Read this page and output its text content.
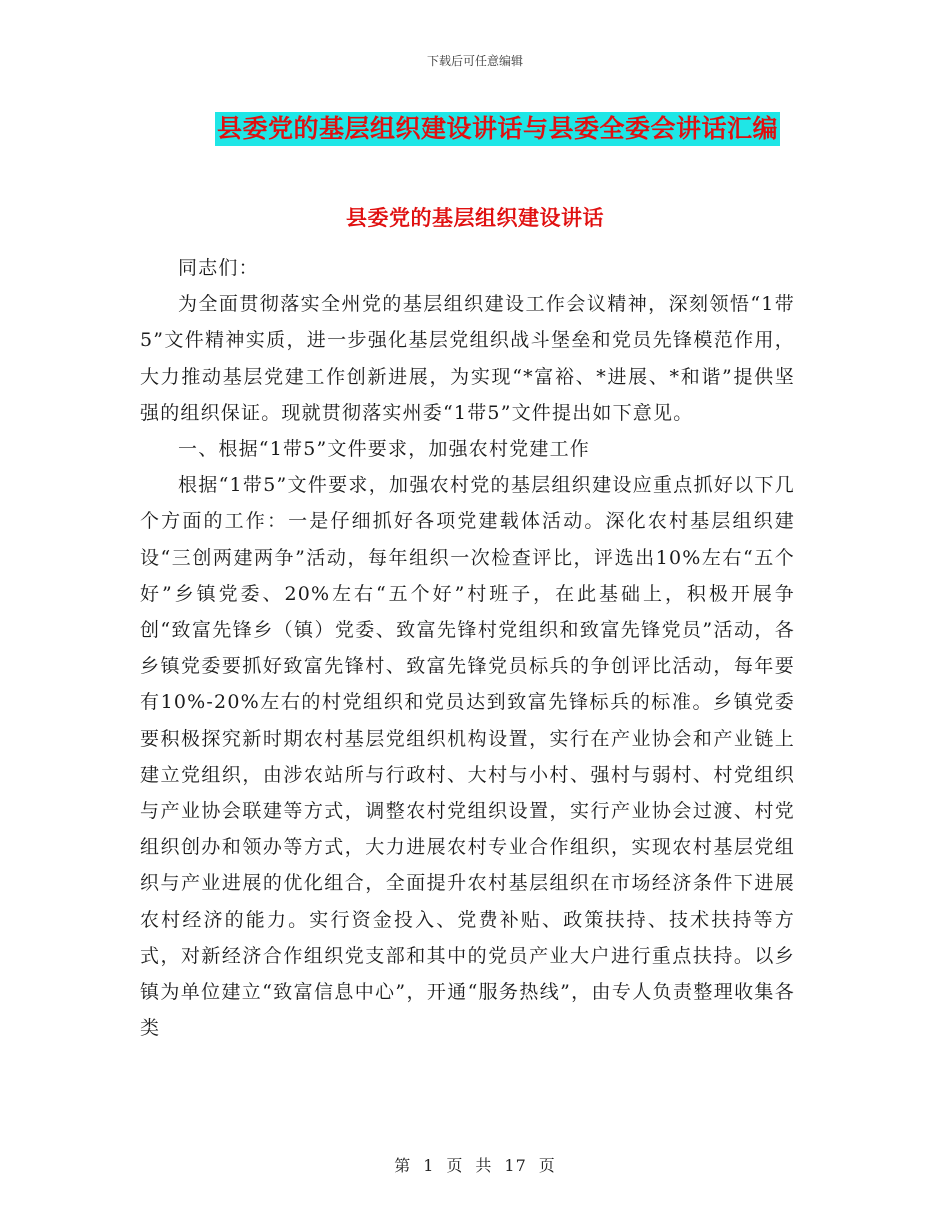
下载后可任意编辑
县委党的基层组织建设讲话与县委全委会讲话汇编
县委党的基层组织建设讲话

同志们：

为全面贯彻落实全州党的基层组织建设工作会议精神，深刻领悟“1带5”文件精神实质，进一步强化基层党组织战斗堡垒和党员先锋模范作用，大力推动基层党建工作创新进展，为实现“*富裕、*进展、*和谐”提供坚强的组织保证。现就贯彻落实州委“1带5”文件提出如下意见。

一、根据“1带5”文件要求，加强农村党建工作

根据“1带5”文件要求，加强农村党的基层组织建设应重点抓好以下几个方面的工作：一是仔细抓好各项党建载体活动。深化农村基层组织建设“三创两建两争”活动，每年组织一次检查评比，评选出10%左右“五个好”乡镇党委、20%左右“五个好”村班子，在此基础上，积极开展争创“致富先锋乡（镇）党委、致富先锋村党组织和致富先锋党员”活动，各乡镇党委要抓好致富先锋村、致富先锋党员标兵的争创评比活动，每年要有10%-20%左右的村党组织和党员达到致富先锋标兵的标准。乡镇党委要积极探究新时期农村基层党组织机构设置，实行在产业协会和产业链上建立党组织，由涉农站所与行政村、大村与小村、强村与弱村、村党组织与产业协会联建等方式，调整农村党组织设置，实行产业协会过渡、村党组织创办和领办等方式，大力进展农村专业合作组织，实现农村基层党组织与产业进展的优化组合，全面提升农村基层组织在市场经济条件下进展农村经济的能力。实行资金投入、党费补贴、政策扶持、技术扶持等方式，对新经济合作组织党支部和其中的党员产业大户进行重点扶持。以乡镇为单位建立“致富信息中心”，开通“服务热线”，由专人负责整理收集各类

第 1 页 共 17 页
